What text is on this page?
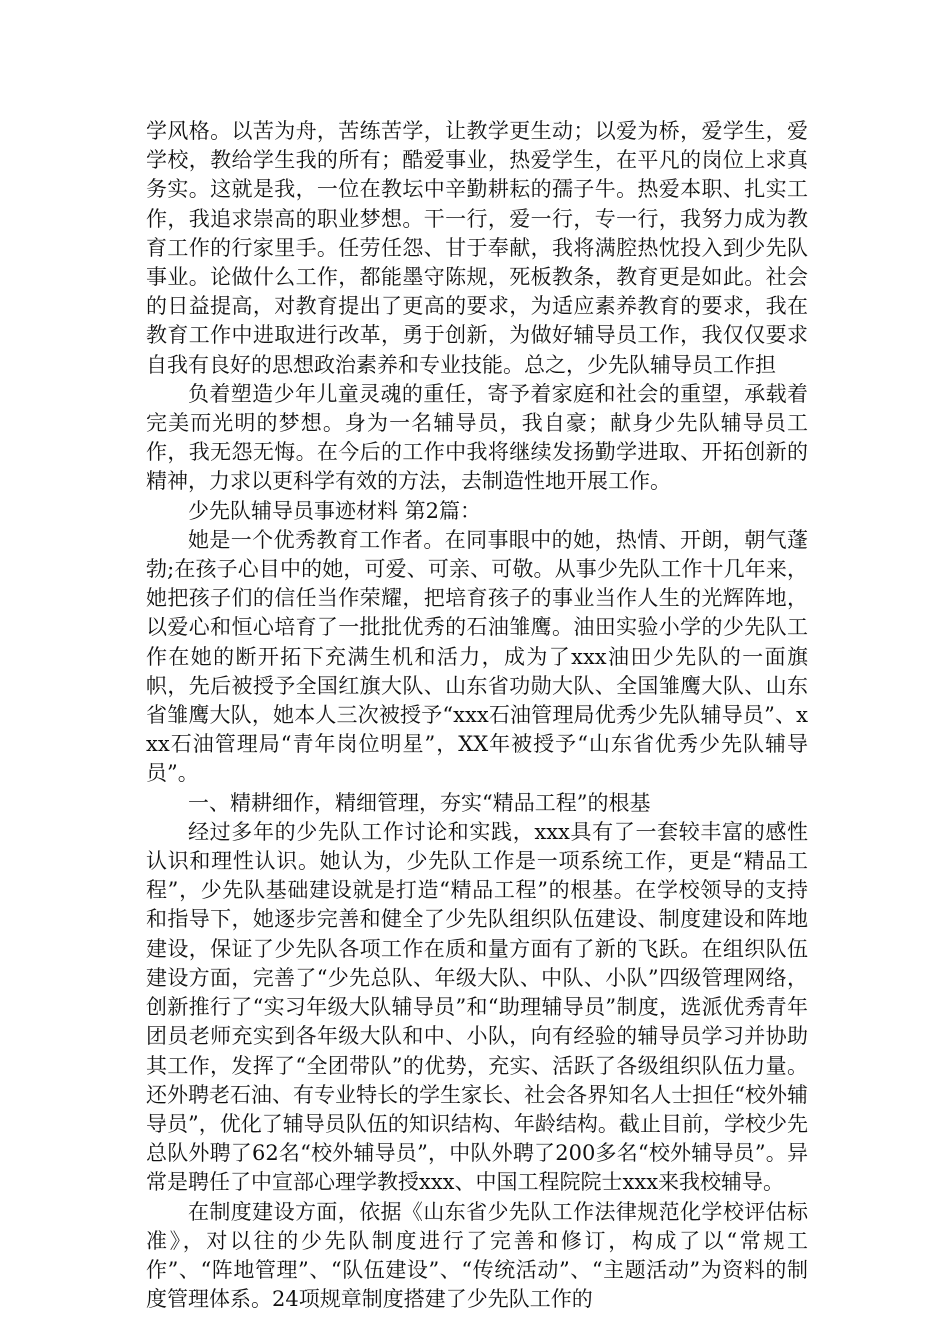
学风格。以苦为舟，苦练苦学，让教学更生动；以爱为桥，爱学生，爱学校，教给学生我的所有；酷爱事业，热爱学生，在平凡的岗位上求真务实。这就是我，一位在教坛中辛勤耕耘的孺子牛。热爱本职、扎实工作，我追求崇高的职业梦想。干一行，爱一行，专一行，我努力成为教育工作的行家里手。任劳任怨、甘于奉献，我将满腔热忱投入到少先队事业。论做什么工作，都能墨守陈规，死板教条，教育更是如此。社会的日益提高，对教育提出了更高的要求，为适应素养教育的要求，我在教育工作中进取进行改革，勇于创新，为做好辅导员工作，我仅仅要求自我有良好的思想政治素养和专业技能。总之，少先队辅导员工作担

负着塑造少年儿童灵魂的重任，寄予着家庭和社会的重望，承载着完美而光明的梦想。身为一名辅导员，我自豪；献身少先队辅导员工作，我无怨无悔。在今后的工作中我将继续发扬勤学进取、开拓创新的精神，力求以更科学有效的方法，去制造性地开展工作。

少先队辅导员事迹材料 第2篇：

她是一个优秀教育工作者。在同事眼中的她，热情、开朗，朝气蓬勃;在孩子心目中的她，可爱、可亲、可敬。从事少先队工作十几年来，她把孩子们的信任当作荣耀，把培育孩子的事业当作人生的光辉阵地，以爱心和恒心培育了一批批优秀的石油雏鹰。油田实验小学的少先队工作在她的断开拓下充满生机和活力，成为了xxx油田少先队的一面旗帜，先后被授予全国红旗大队、山东省功勋大队、全国雏鹰大队、山东省雏鹰大队，她本人三次被授予“xxx石油管理局优秀少先队辅导员”、xxx石油管理局“青年岗位明星”，XX年被授予“山东省优秀少先队辅导员”。

一、精耕细作，精细管理，夯实“精品工程”的根基

经过多年的少先队工作讨论和实践，xxx具有了一套较丰富的感性认识和理性认识。她认为，少先队工作是一项系统工作，更是“精品工程”，少先队基础建设就是打造“精品工程”的根基。在学校领导的支持和指导下，她逐步完善和健全了少先队组织队伍建设、制度建设和阵地建设，保证了少先队各项工作在质和量方面有了新的飞跃。在组织队伍建设方面，完善了“少先总队、年级大队、中队、小队”四级管理网络，创新推行了“实习年级大队辅导员”和“助理辅导员”制度，选派优秀青年团员老师充实到各年级大队和中、小队，向有经验的辅导员学习并协助其工作，发挥了“全团带队”的优势，充实、活跃了各级组织队伍力量。还外聘老石油、有专业特长的学生家长、社会各界知名人士担任“校外辅导员”，优化了辅导员队伍的知识结构、年龄结构。截止目前，学校少先总队外聘了62名“校外辅导员”，中队外聘了200多名“校外辅导员”。异常是聘任了中宣部心理学教授xxx、中国工程院院士xxx来我校辅导。

在制度建设方面，依据《山东省少先队工作法律规范化学校评估标准》，对以往的少先队制度进行了完善和修订，构成了以“常规工作”、“阵地管理”、“队伍建设”、“传统活动”、“主题活动”为资料的制度管理体系。24项规章制度搭建了少先队工作的
